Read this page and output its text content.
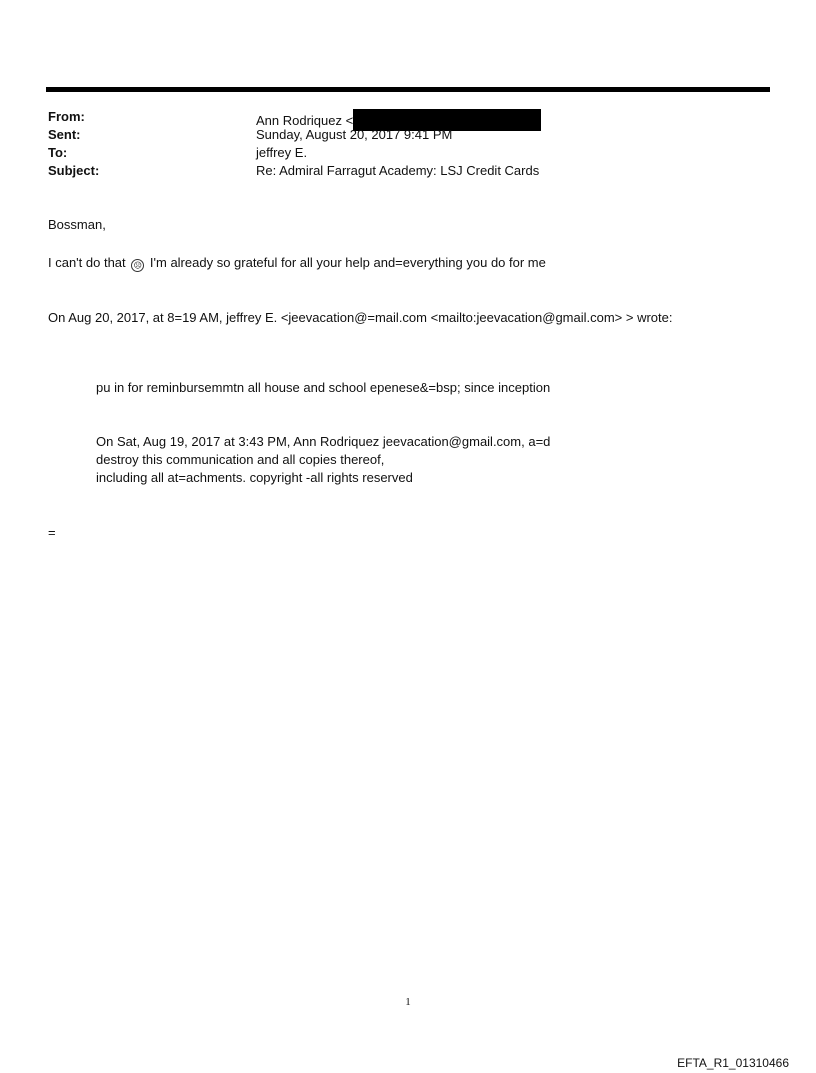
From:	Ann Rodriquez <
Sent:	Sunday, August 20, 2017 9:41 PM
To:	jeffrey E.
Subject:	Re: Admiral Farragut Academy: LSJ Credit Cards
Bossman,
I can't do that ☹ I'm already so grateful for all your help and=everything you do for me
On Aug 20, 2017, at 8=19 AM, jeffrey E. <jeevacation@=mail.com <mailto:jeevacation@gmail.com> > wrote:
pu in for reminbursemmtn all house and school epenese&=bsp; since inception
On Sat, Aug 19, 2017 at 3:43 PM, Ann Rodriquez jeevacation@gmail.com, a=d
destroy this communication and all copies thereof,
including all at=achments. copyright -all rights reserved
=
1
EFTA_R1_01310466
